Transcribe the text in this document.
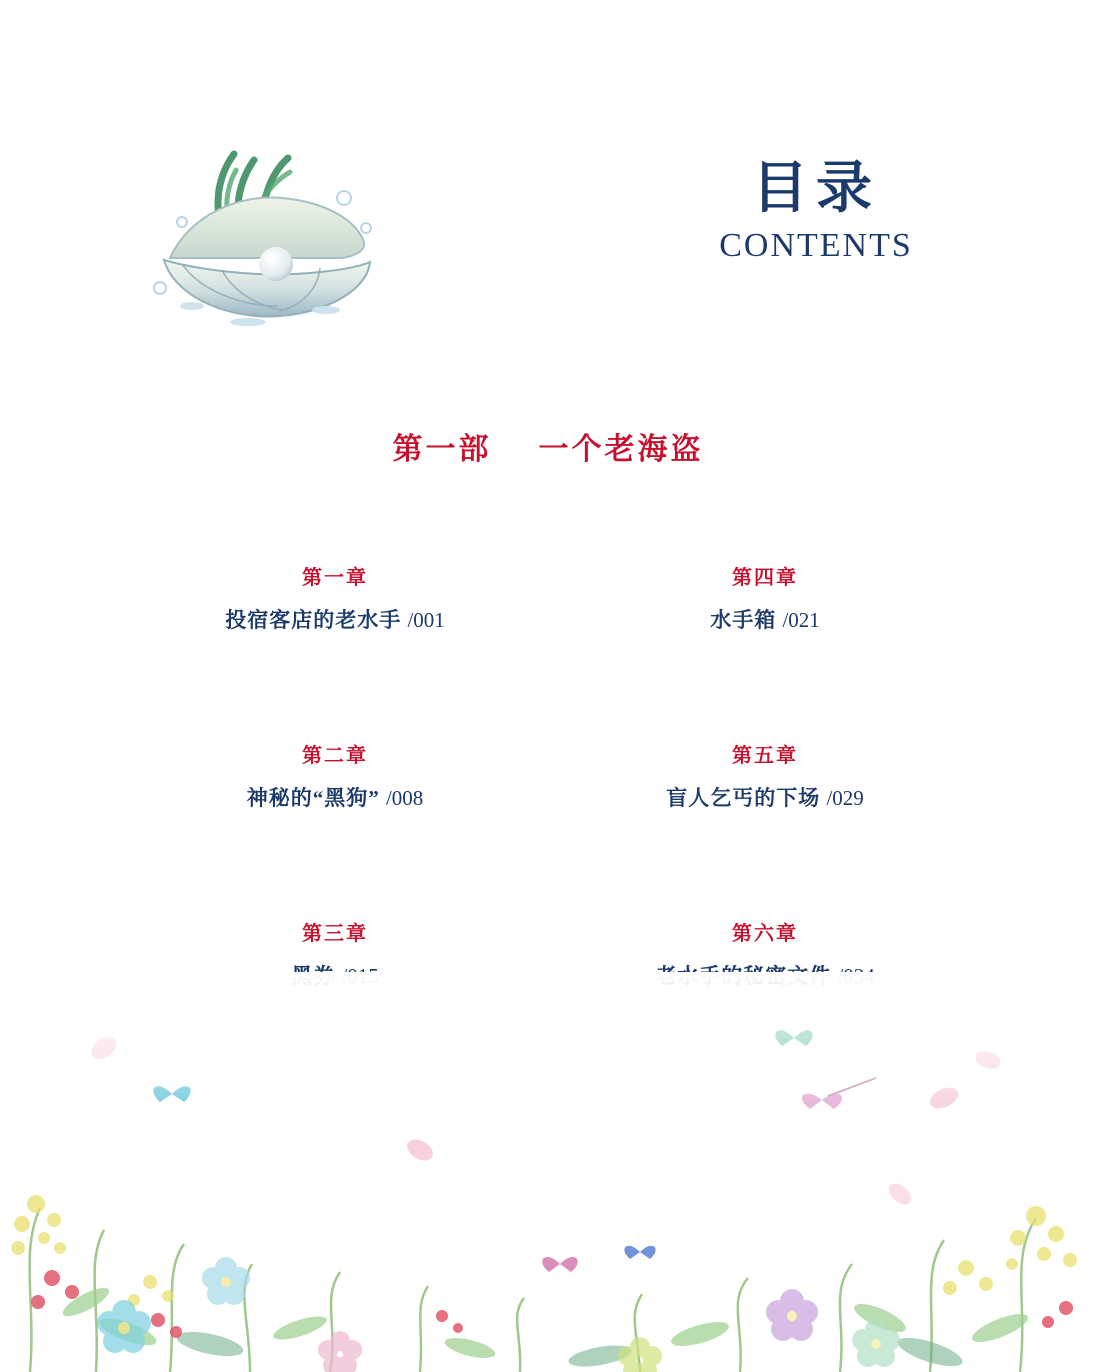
目录
CONTENTS
第一部 一个老海盗
第一章
投宿客店的老水手 /001
第四章
水手箱 /021
第二章
神秘的“黑狗” /008
第五章
盲人乞丐的下场 /029
第三章	第六章
